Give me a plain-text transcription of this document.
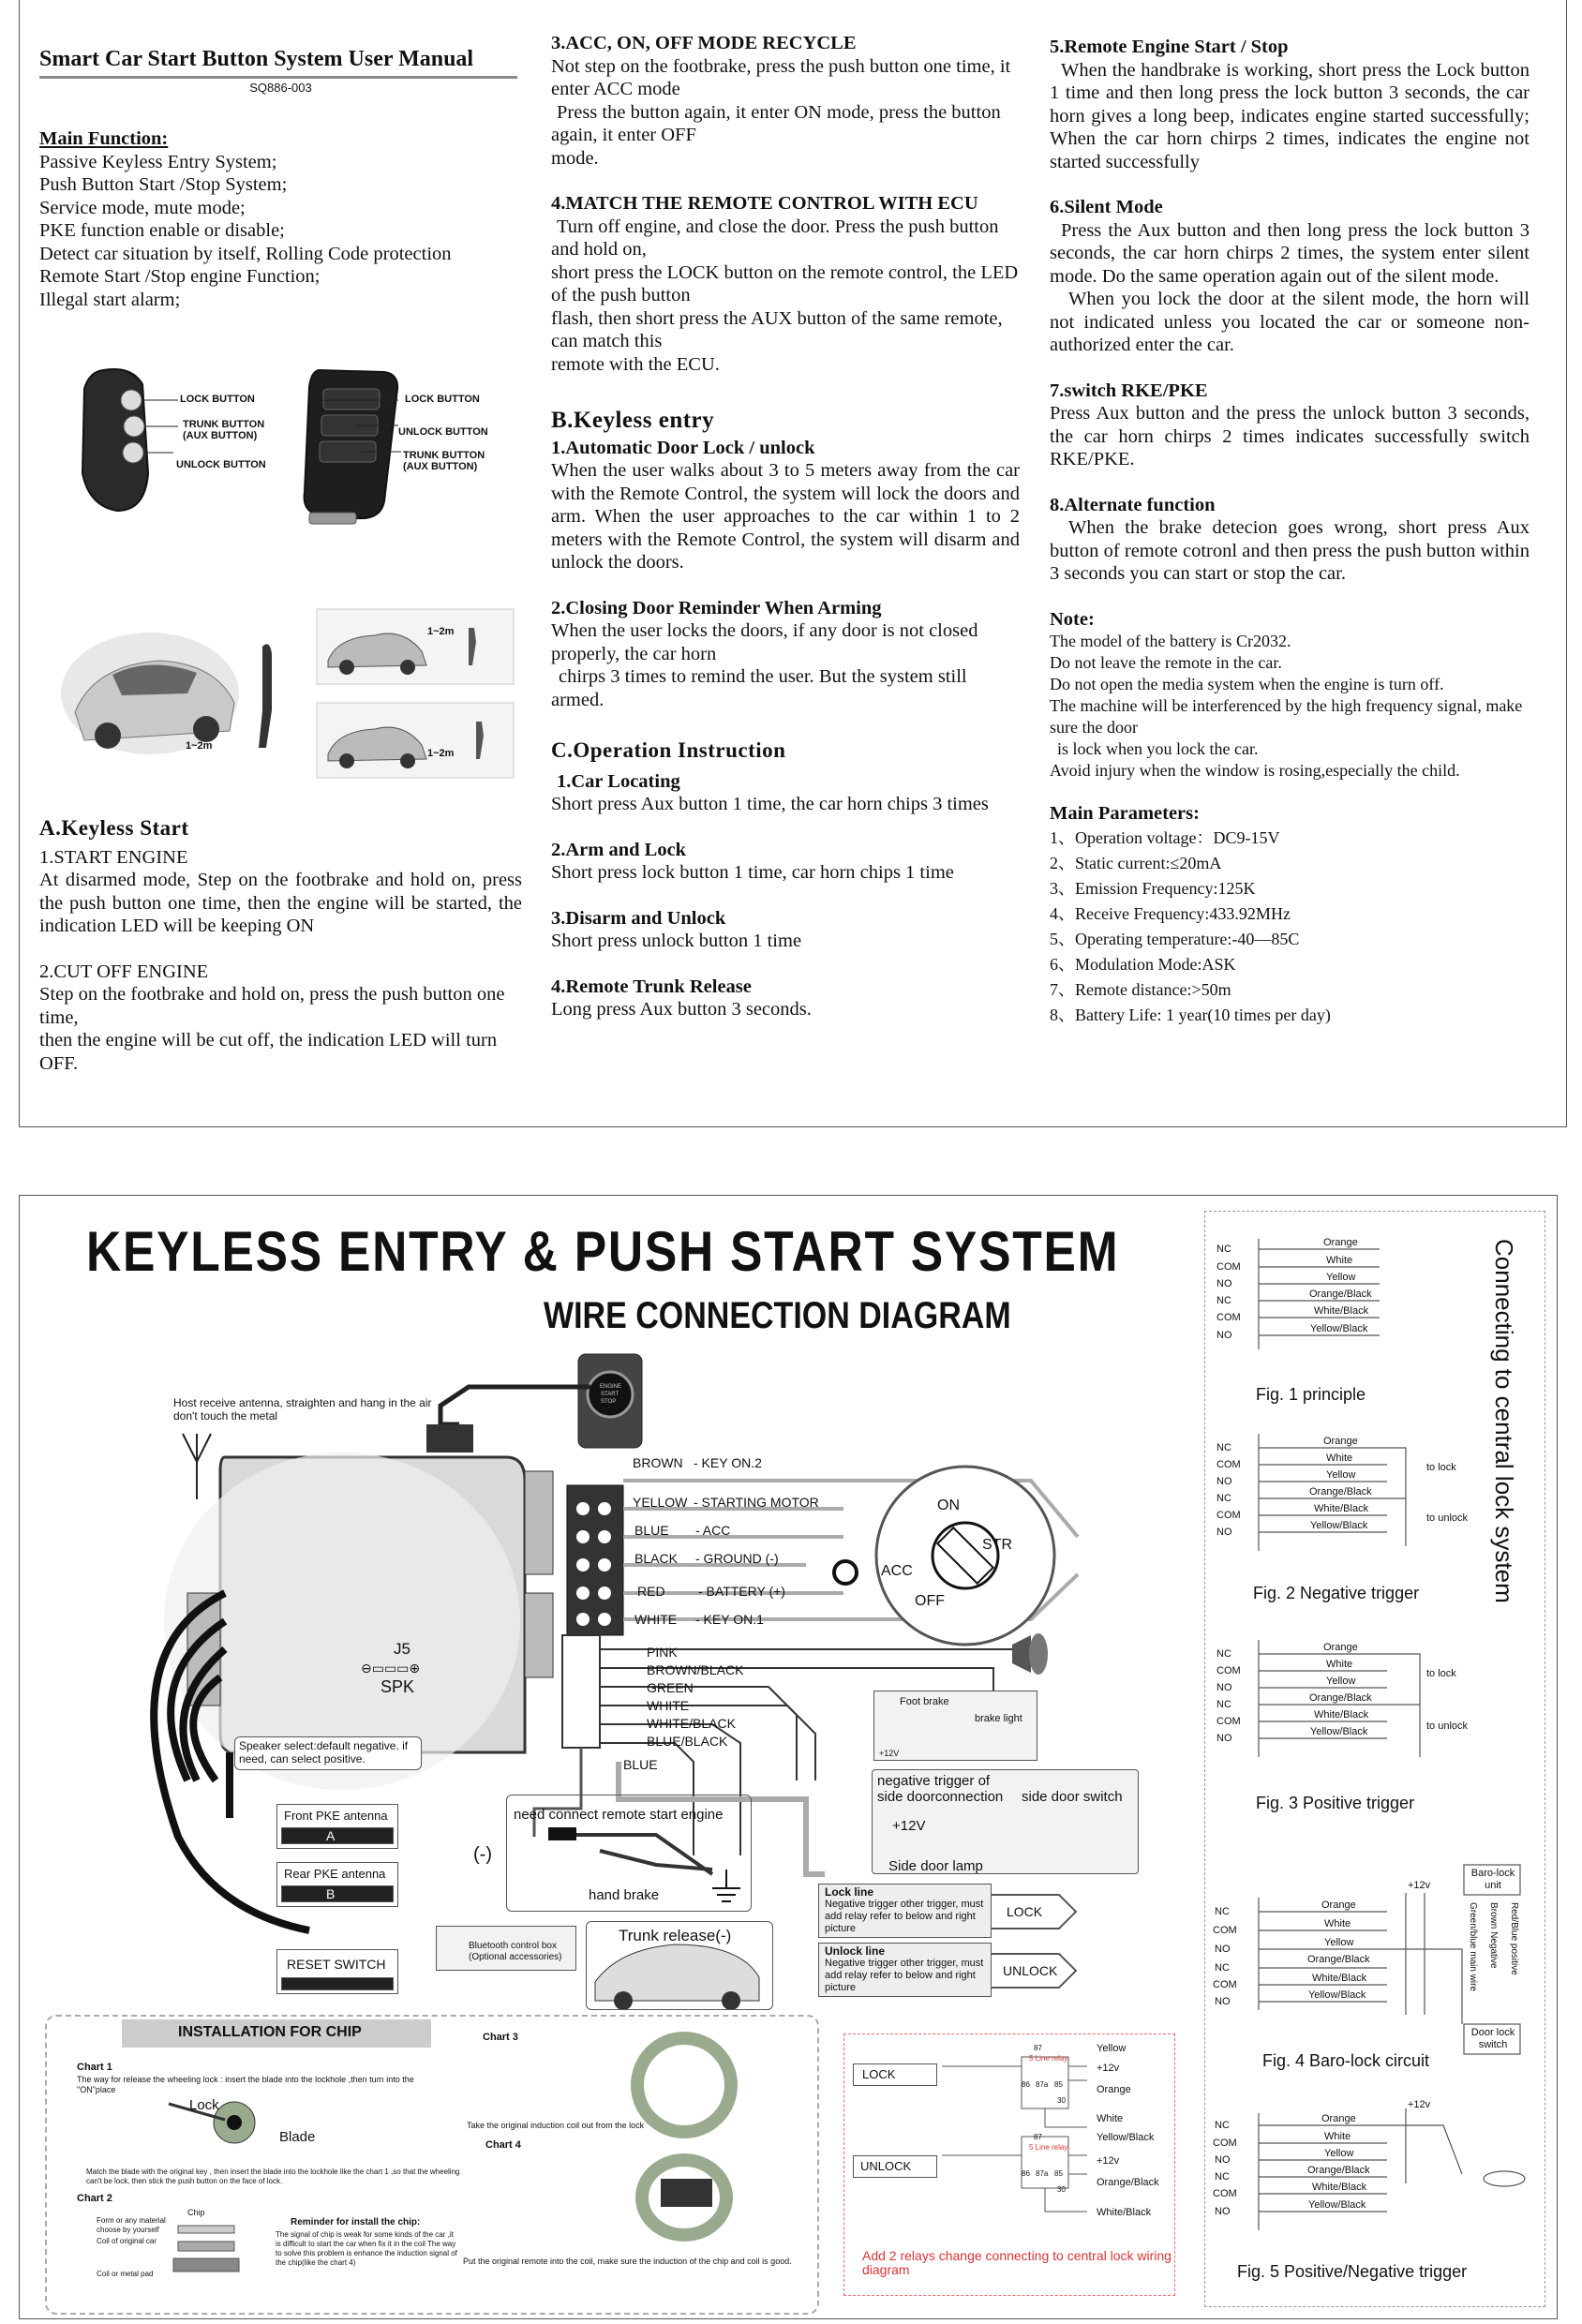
Smart Car Start Button System User Manual
SQ886-003
Main Function:

Passive Keyless Entry System;

Push Button Start /Stop System;

Service mode, mute mode;

PKE function enable or disable;

Detect car situation by itself, Rolling Code protection

Remote Start /Stop engine Function;

Illegal start alarm;

LOCK BUTTON
TRUNK BUTTON (AUX BUTTON)
UNLOCK BUTTON
LOCK BUTTON
UNLOCK BUTTON
TRUNK BUTTON (AUX BUTTON)
1~2m
1~2m
1~2m
A.Keyless Start

1.START ENGINE

At disarmed mode, Step on the footbrake and hold on, press the push button one time, then the engine will be started, the indication LED will be keeping ON

2.CUT OFF ENGINE

Step on the footbrake and hold on, press the push button one time,

then the engine will be cut off, the indication LED will turn OFF.

3.ACC, ON, OFF MODE RECYCLE

Not step on the footbrake, press the push button one time, it enter ACC mode

Press the button again, it enter ON mode, press the button again, it enter OFF

mode.

4.MATCH THE REMOTE CONTROL WITH ECU

Turn off engine, and close the door. Press the push button and hold on,

short press the LOCK button on the remote control, the LED of the push button

flash, then short press the AUX button of the same remote, can match this

remote with the ECU.

B.Keyless entry
1.Automatic Door Lock / unlock

When the user walks about 3 to 5 meters away from the car with the Remote Control, the system will lock the doors and arm. When the user approaches to the car within 1 to 2 meters with the Remote Control, the system will disarm and unlock the doors.

2.Closing Door Reminder When Arming

When the user locks the doors, if any door is not closed properly, the car horn

chirps 3 times to remind the user. But the system still armed.

C.Operation Instruction
1.Car Locating

Short press Aux button 1 time, the car horn chips 3 times

2.Arm and Lock

Short press lock button 1 time, car horn chips 1 time

3.Disarm and Unlock

Short press unlock button 1 time

4.Remote Trunk Release

Long press Aux button 3 seconds.

5.Remote Engine Start / Stop

When the handbrake is working, short press the Lock button 1 time and then long press the lock button 3 seconds, the car horn gives a long beep, indicates engine started successfully; When the car horn chirps 2 times, indicates the engine not started successfully

6.Silent Mode

Press the Aux button and then long press the lock button 3 seconds, the car horn chirps 2 times, the system enter silent mode. Do the same operation again out of the silent mode.

When you lock the door at the silent mode, the horn will not indicated unless you located the car or someone non-authorized enter the car.

7.switch RKE/PKE

Press Aux button and the press the unlock button 3 seconds, the car horn chirps 2 times indicates successfully switch RKE/PKE.

8.Alternate function

When the brake detecion goes wrong, short press Aux button of remote cotronl and then press the push button within 3 seconds you can start or stop the car.

Note:

The model of the battery is Cr2032.

Do not leave the remote in the car.

Do not open the media system when the engine is turn off.

The machine will be interferenced by the high frequency signal, make sure the door

is lock when you lock the car.

Avoid injury when the window is rosing,especially the child.

Main Parameters:

1、Operation voltage：DC9-15V

2、Static current:≤20mA

3、Emission Frequency:125K

4、Receive Frequency:433.92MHz

5、Operating temperature:-40—85C

6、Modulation Mode:ASK

7、Remote distance:>50m

8、Battery Life: 1 year(10 times per day)

KEYLESS ENTRY & PUSH START SYSTEM
WIRE CONNECTION DIAGRAM
Host receive antenna, straighten and hang in the air don't touch the metal
ENGINE
START
STOP
BROWN - KEY ON.2
YELLOW - STARTING MOTOR
BLUE - ACC
BLACK - GROUND (-)
RED	- BATTERY (+)
WHITE - KEY ON.1
ON
STR
ACC
OFF
PINK
BROWN/BLACK
GREEN
WHITE
WHITE/BLACK
BLUE/BLACK
BLUE
J5
⊖▭▭▭⊕
SPK
Speaker select:default negative. if need, can select positive.
Front PKE antenna
A
Rear PKE antenna
B
RESET SWITCH
need connect remote start engine
(-)
hand brake
Bluetooth control box (Optional accessories)
Trunk release(-)
Foot brake
brake light
+12V
negative trigger of side doorconnection	side door switch
+12V
Side door lamp
Lock line
Negative trigger other trigger, must add relay refer to below and right picture
LOCK
Unlock line
Negative trigger other trigger, must add relay refer to below and right picture
UNLOCK
INSTALLATION FOR CHIP
Chart 1
The way for release the wheeling lock : insert the blade into the lockhole ,then turn into the "ON"place
Lock
Blade
Match the blade with the original key , then insert the blade into the lockhole like the chart 1 ,so that the wheeling can't be lock, then stick the push button on the face of lock.
Chart 2
Chip
Form or any material choose by yourself
Coil of original car
Coil or metal pad
Reminder for install the chip:
The signal of chip is weak for some kinds of the car ,it is difficult to start the car when fix it in the coil The way to solve this problem is enhance the induction signal of the chip(like the chart 4)
Chart 3
Take the original induction coil out from the lock
Chart 4
Put the original remote into the coil, make sure the induction of the chip and coil is good.
LOCK
UNLOCK
5 Line relay
5 Line relay
87
86 87a 85
30
87
86 87a 85
30
Yellow
+12v
Orange
White
Yellow/Black
+12v
Orange/Black
White/Black
Add 2 relays change connecting to central lock wiring diagram
Connecting to central lock system
NC
COM
NO
NC
COM
NO
Orange
White
Yellow
Orange/Black
White/Black
Yellow/Black
Fig. 1 principle
NC
COM
NO
NC
COM
NO
Orange
White
Yellow
Orange/Black
White/Black
Yellow/Black
to lock
to unlock
Fig. 2 Negative trigger
NC
COM
NO
NC
COM
NO
Orange
White
Yellow
Orange/Black
White/Black
Yellow/Black
to lock
to unlock
Fig. 3 Positive trigger
NC
COM
NO
NC
COM
NO
Orange
White
Yellow
Orange/Black
White/Black
Yellow/Black
+12v
Baro-lock unit
Door lock switch
Green/blue main wire Brown Negative Red/Blue positive
Fig. 4 Baro-lock circuit
NC
COM
NO
NC
COM
NO
Orange
White
Yellow
Orange/Black
White/Black
Yellow/Black
+12v
Fig. 5 Positive/Negative trigger
